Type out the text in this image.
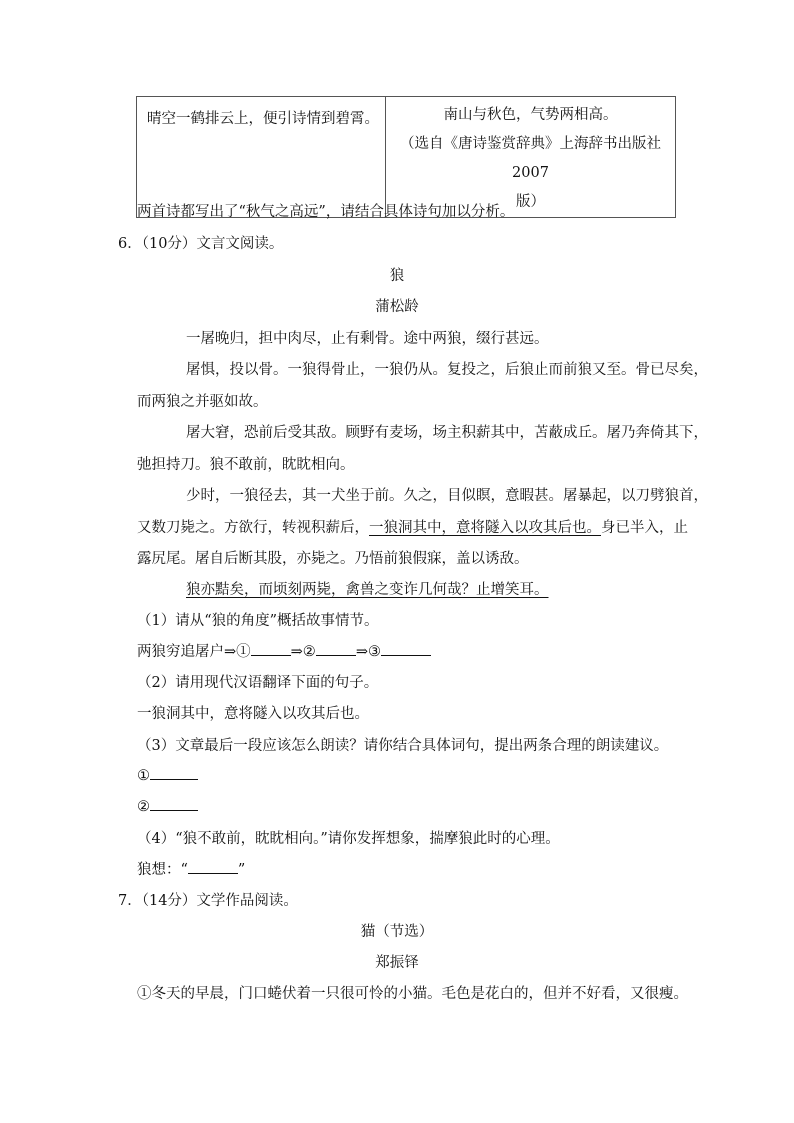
晴空一鹤排云上，便引诗情到碧霄。	南山与秋色，气势两相高。

（选自《唐诗鉴赏辞典》上海辞书出版社 2007

版）

两首诗都写出了“秋气之高远”，请结合具体诗句加以分析。
6．（10分）文言文阅读。
狼
蒲松龄
一屠晚归，担中肉尽，止有剩骨。途中两狼，缀行甚远。
屠惧，投以骨。一狼得骨止，一狼仍从。复投之，后狼止而前狼又至。骨已尽矣，
而两狼之并驱如故。
屠大窘，恐前后受其敌。顾野有麦场，场主积薪其中，苫蔽成丘。屠乃奔倚其下，
弛担持刀。狼不敢前，眈眈相向。
少时，一狼径去，其一犬坐于前。久之，目似瞑，意暇甚。屠暴起，以刀劈狼首，
又数刀毙之。方欲行，转视积薪后，一狼洞其中，意将隧入以攻其后也。身已半入，止
露尻尾。屠自后断其股，亦毙之。乃悟前狼假寐，盖以诱敌。
狼亦黠矣，而顷刻两毙，禽兽之变诈几何哉？止增笑耳。
（1）请从“狼的角度”概括故事情节。
两狼穷追屠户⇒①	⇒②	⇒③
（2）请用现代汉语翻译下面的句子。
一狼洞其中，意将隧入以攻其后也。
（3）文章最后一段应该怎么朗读？请你结合具体词句，提出两条合理的朗读建议。
①
②
（4）“狼不敢前，眈眈相向。”请你发挥想象，揣摩狼此时的心理。
狼想：“	”
7．（14分）文学作品阅读。
猫（节选）
郑振铎
①冬天的早晨，门口蜷伏着一只很可怜的小猫。毛色是花白的，但并不好看，又很瘦。
